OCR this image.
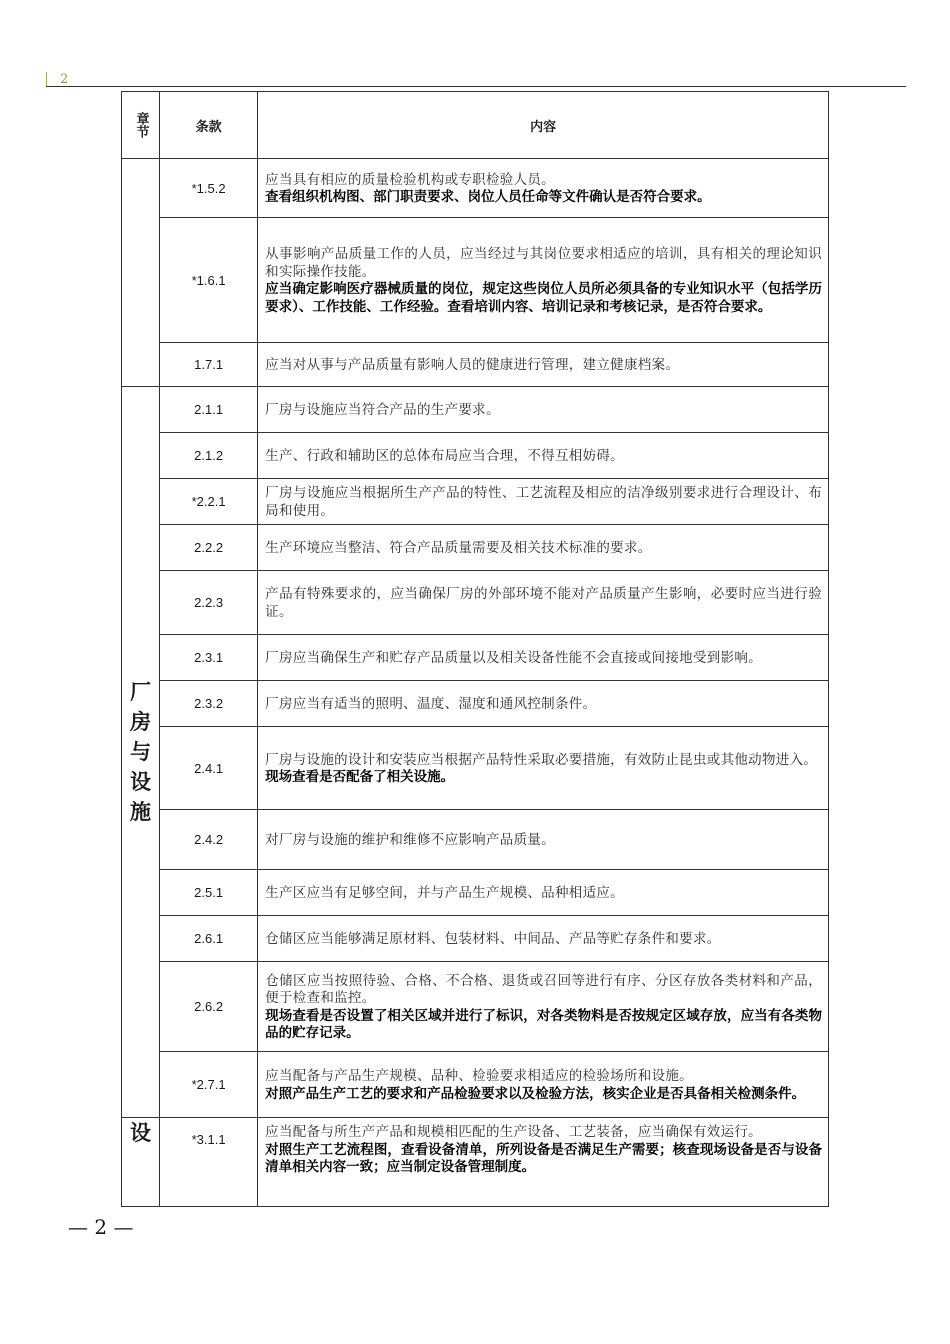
2
章节	条款	内容
	*1.5.2	应当具有相应的质量检验机构或专职检验人员。
查看组织机构图、部门职责要求、岗位人员任命等文件确认是否符合要求。

	*1.6.1	从事影响产品质量工作的人员，应当经过与其岗位要求相适应的培训，具有相关的理论知识和实际操作技能。
应当确定影响医疗器械质量的岗位，规定这些岗位人员所必须具备的专业知识水平（包括学历要求）、工作技能、工作经验。查看培训内容、培训记录和考核记录，是否符合要求。

	1.7.1	应当对从事与产品质量有影响人员的健康进行管理，建立健康档案。

厂房与设施	2.1.1	厂房与设施应当符合产品的生产要求。

	2.1.2	生产、行政和辅助区的总体布局应当合理，不得互相妨碍。

	*2.2.1	厂房与设施应当根据所生产产品的特性、工艺流程及相应的洁净级别要求进行合理设计、布局和使用。

	2.2.2	生产环境应当整洁、符合产品质量需要及相关技术标准的要求。

	2.2.3	产品有特殊要求的，应当确保厂房的外部环境不能对产品质量产生影响，必要时应当进行验证。

	2.3.1	厂房应当确保生产和贮存产品质量以及相关设备性能不会直接或间接地受到影响。

	2.3.2	厂房应当有适当的照明、温度、湿度和通风控制条件。

	2.4.1	厂房与设施的设计和安装应当根据产品特性采取必要措施，有效防止昆虫或其他动物进入。
现场查看是否配备了相关设施。

	2.4.2	对厂房与设施的维护和维修不应影响产品质量。

	2.5.1	生产区应当有足够空间，并与产品生产规模、品种相适应。

	2.6.1	仓储区应当能够满足原材料、包装材料、中间品、产品等贮存条件和要求。

	2.6.2	仓储区应当按照待验、合格、不合格、退货或召回等进行有序、分区存放各类材料和产品，便于检查和监控。
现场查看是否设置了相关区域并进行了标识，对各类物料是否按规定区域存放，应当有各类物品的贮存记录。

	*2.7.1	应当配备与产品生产规模、品种、检验要求相适应的检验场所和设施。
对照产品生产工艺的要求和产品检验要求以及检验方法，核实企业是否具备相关检测条件。

设	*3.1.1	应当配备与所生产产品和规模相匹配的生产设备、工艺装备，应当确保有效运行。
对照生产工艺流程图，查看设备清单，所列设备是否满足生产需要；核查现场设备是否与设备清单相关内容一致；应当制定设备管理制度。
— 2 —
